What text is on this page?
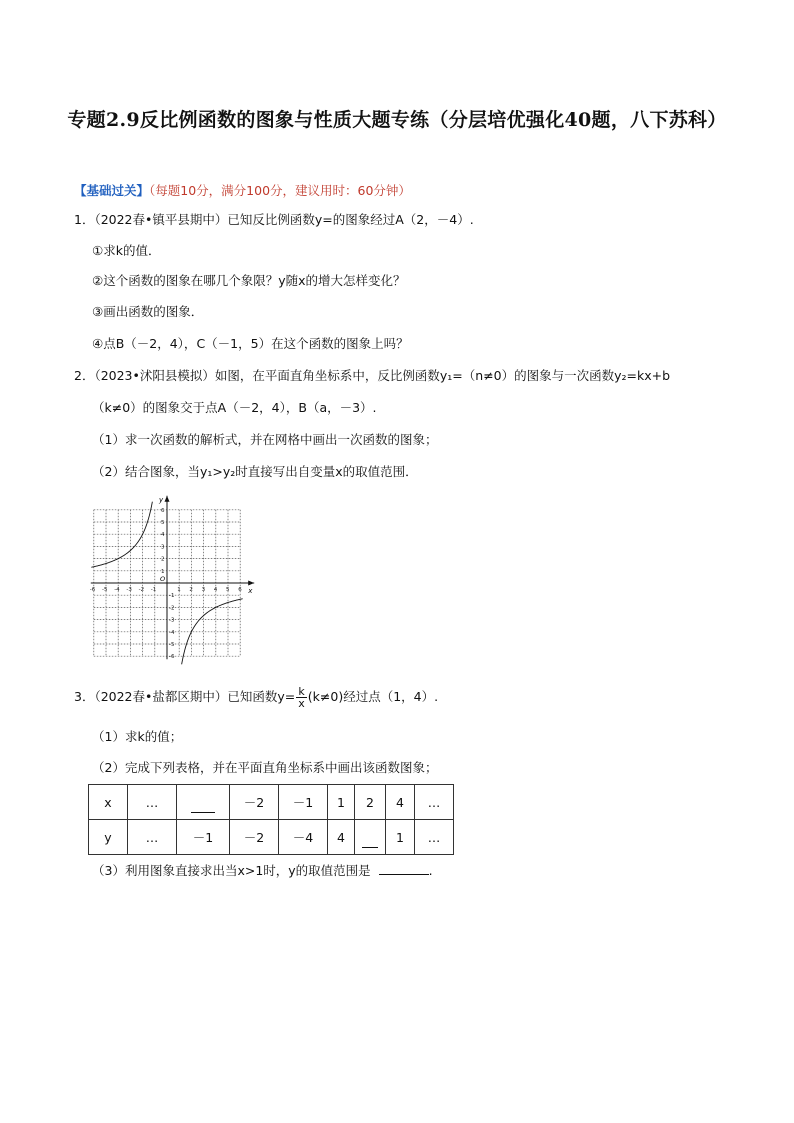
专题2.9反比例函数的图象与性质大题专练（分层培优强化40题，八下苏科）
【基础过关】（每题10分，满分100分，建议用时：60分钟）
1．（2022春•镇平县期中）已知反比例函数y=的图象经过A（2，－4）.
①求k的值．
②这个函数的图象在哪几个象限？y随x的增大怎样变化？
③画出函数的图象．
④点B（－2，4），C（－1，5）在这个函数的图象上吗？
2．（2023•沭阳县模拟）如图，在平面直角坐标系中，反比例函数y₁=（n≠0）的图象与一次函数y₂=kx+b
（k≠0）的图象交于点A（－2，4），B（a，－3）.
（1）求一次函数的解析式，并在网格中画出一次函数的图象；
（2）结合图象，当y₁>y₂时直接写出自变量x的取值范围．
x
y
O
-6 -5 -4 -3 -2 -1	1 2 3 4 5 6
6
5
4
3
2
1
-1
-2
-3
-4
-5
-6
3．（2022春•盐都区期中）已知函数$y= \frac{k}{x} (k\ne 0)$经过点（1，4）.
（1）求k的值；
（2）完成下列表格，并在平面直角坐标系中画出该函数图象；
x	…		－2	－1	1	2	4	…
y	…	－1	－2	－4	4		1	…
（3）利用图象直接求出当x>1时，y的取值范围是	.
